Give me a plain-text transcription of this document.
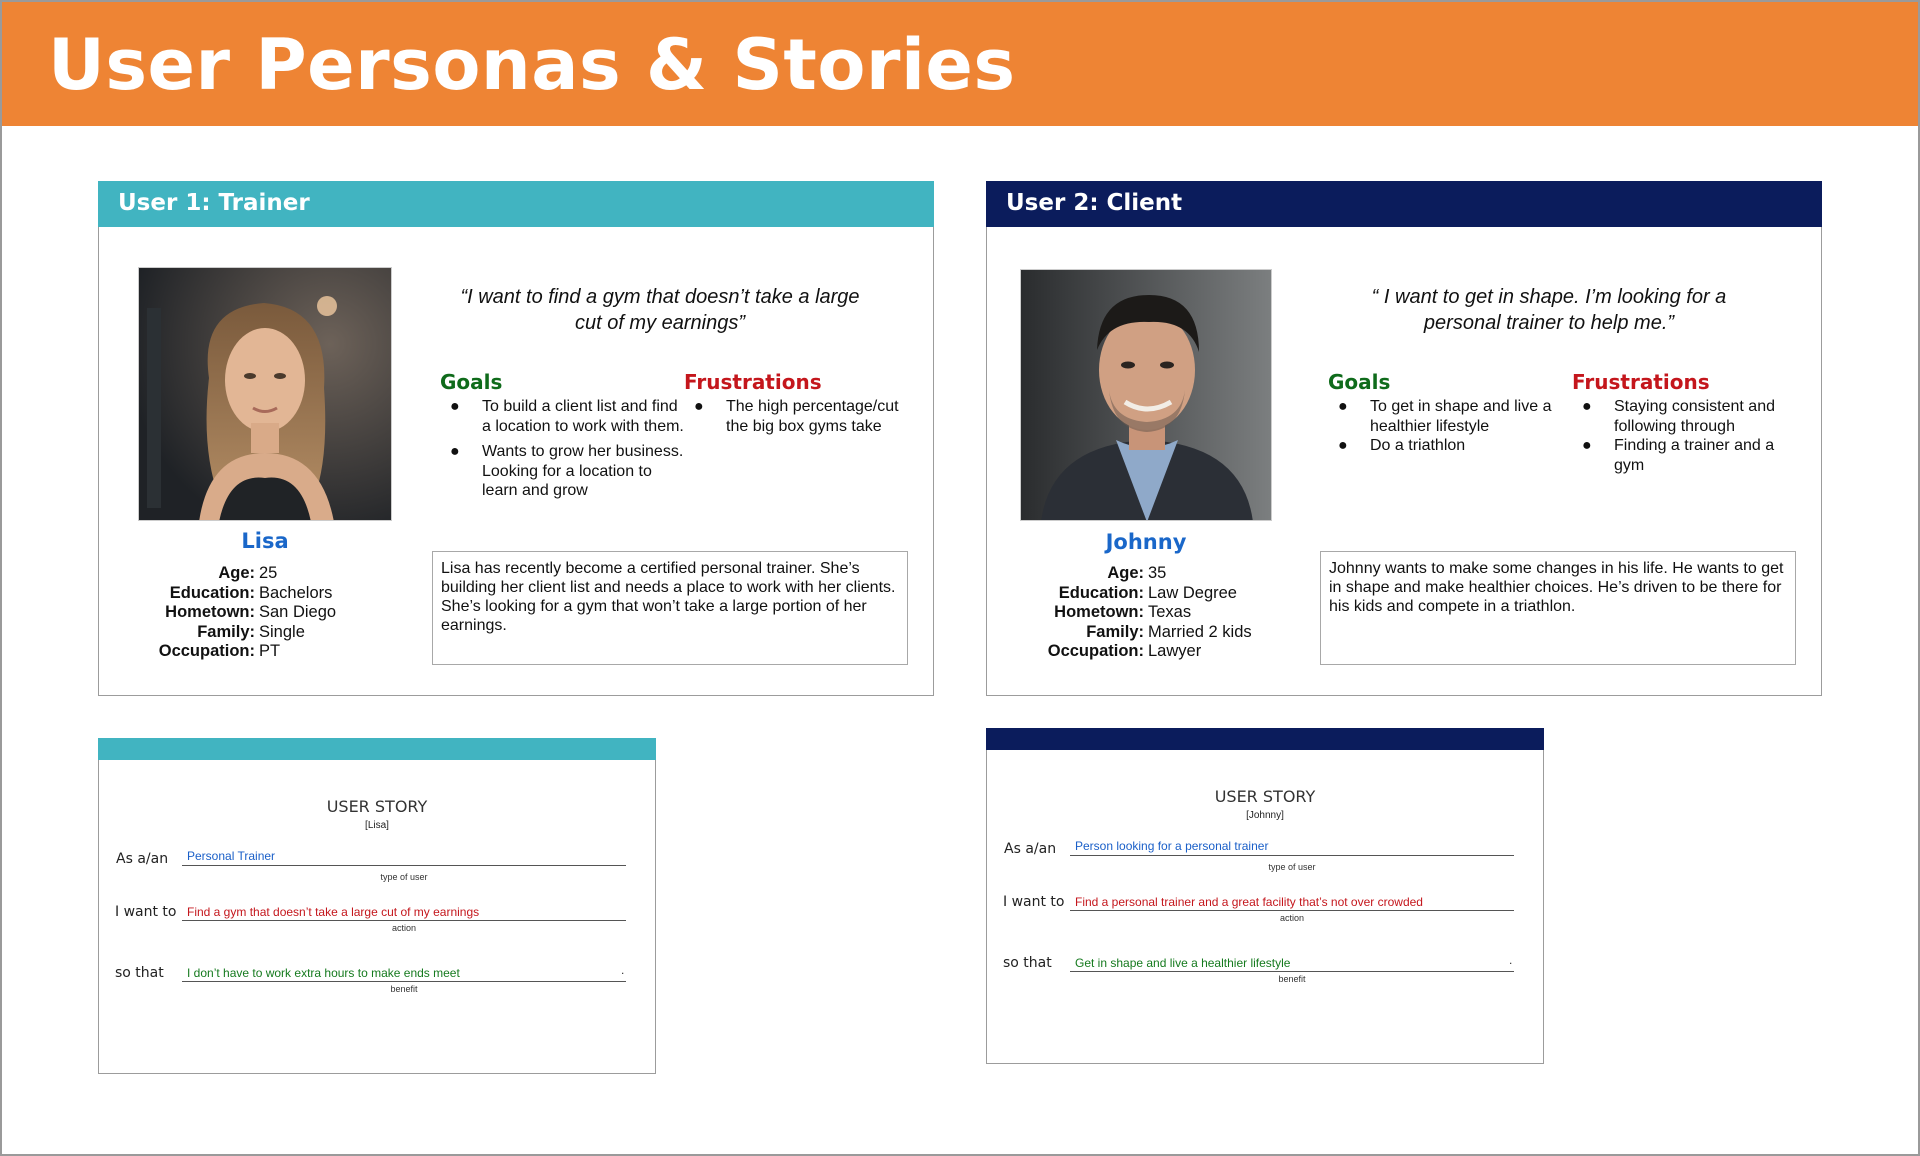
User Personas & Stories
User 1: Trainer
Lisa
Age: 25
Education: Bachelors
Hometown: San Diego
Family: Single
Occupation: PT
“I want to find a gym that doesn’t take a large
cut of my earnings”
Goals
● To build a client list and find a location to work with them.
● Wants to grow her business. Looking for a location to learn and grow
Frustrations
● The high percentage/cut the big box gyms take
Lisa has recently become a certified personal trainer. She’s building her client list and needs a place to work with her clients. She’s looking for a gym that won’t take a large portion of her earnings.
User 2: Client
Johnny
Age: 35
Education: Law Degree
Hometown: Texas
Family: Married 2 kids
Occupation: Lawyer
“ I want to get in shape. I’m looking for a
personal trainer to help me.”
Goals
● To get in shape and live a healthier lifestyle
● Do a triathlon
Frustrations
● Staying consistent and following through
● Finding a trainer and a gym
Johnny wants to make some changes in his life. He wants to get in shape and make healthier choices. He’s driven to be there for his kids and compete in a triathlon.
USER STORY
[Lisa]
As a/an Personal Trainer
type of user
I want to Find a gym that doesn’t take a large cut of my earnings
action
so that I don’t have to work extra hours to make ends meet	.
benefit
USER STORY
[Johnny]
As a/an Person looking for a personal trainer
type of user
I want to Find a personal trainer and a great facility that’s not over crowded
action
so that Get in shape and live a healthier lifestyle	.
benefit
